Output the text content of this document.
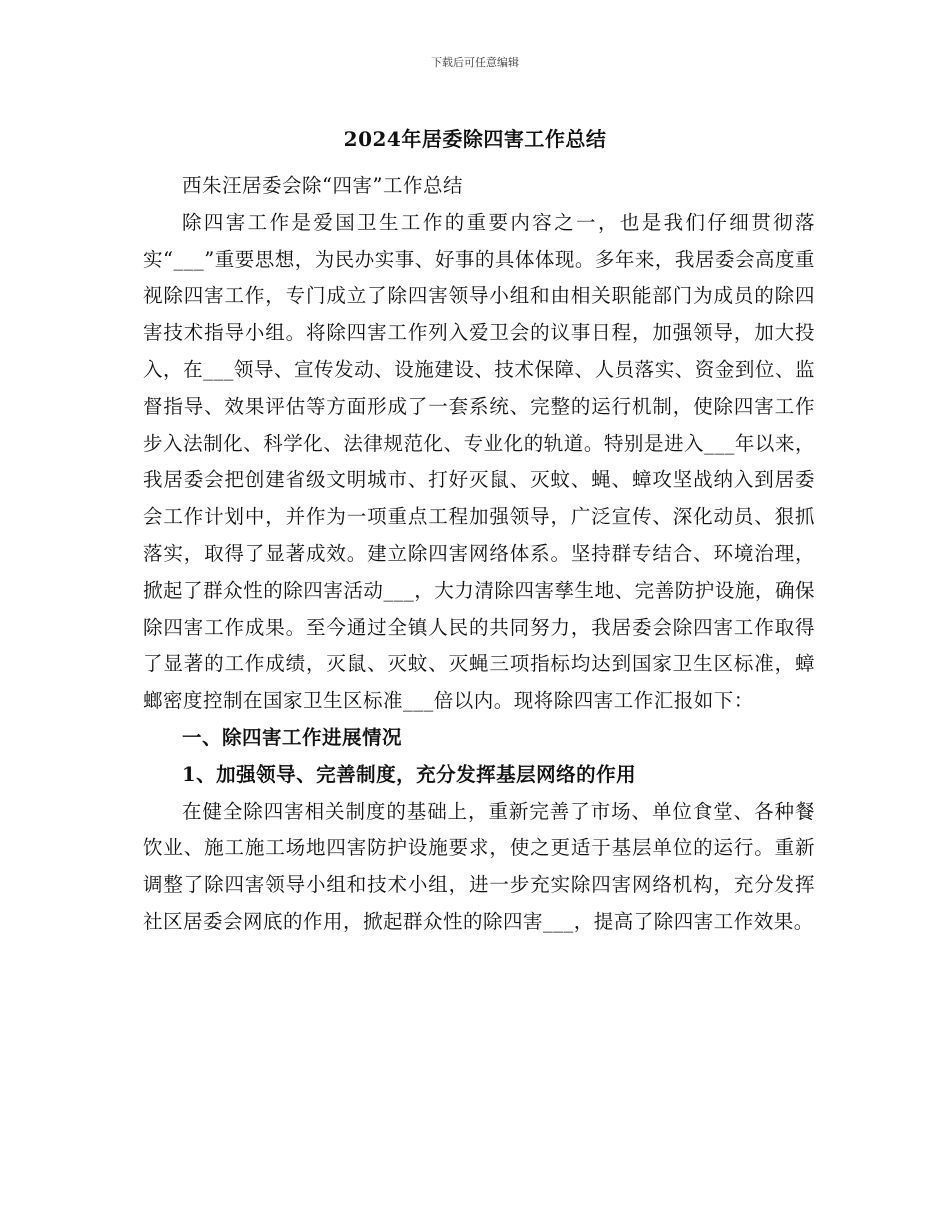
下载后可任意编辑
2024年居委除四害工作总结

西朱汪居委会除“四害”工作总结

除四害工作是爱国卫生工作的重要内容之一，也是我们仔细贯彻落实“___”重要思想，为民办实事、好事的具体体现。多年来，我居委会高度重视除四害工作，专门成立了除四害领导小组和由相关职能部门为成员的除四害技术指导小组。将除四害工作列入爱卫会的议事日程，加强领导，加大投入，在___领导、宣传发动、设施建设、技术保障、人员落实、资金到位、监督指导、效果评估等方面形成了一套系统、完整的运行机制，使除四害工作步入法制化、科学化、法律规范化、专业化的轨道。特别是进入___年以来，我居委会把创建省级文明城市、打好灭鼠、灭蚊、蝇、蟑攻坚战纳入到居委会工作计划中，并作为一项重点工程加强领导，广泛宣传、深化动员、狠抓落实，取得了显著成效。建立除四害网络体系。坚持群专结合、环境治理，掀起了群众性的除四害活动___，大力清除四害孳生地、完善防护设施，确保除四害工作成果。至今通过全镇人民的共同努力，我居委会除四害工作取得了显著的工作成绩，灭鼠、灭蚊、灭蝇三项指标均达到国家卫生区标准，蟑螂密度控制在国家卫生区标准___倍以内。现将除四害工作汇报如下：

一、除四害工作进展情况

1、加强领导、完善制度，充分发挥基层网络的作用

在健全除四害相关制度的基础上，重新完善了市场、单位食堂、各种餐饮业、施工施工场地四害防护设施要求，使之更适于基层单位的运行。重新调整了除四害领导小组和技术小组，进一步充实除四害网络机构，充分发挥社区居委会网底的作用，掀起群众性的除四害___，提高了除四害工作效果。
